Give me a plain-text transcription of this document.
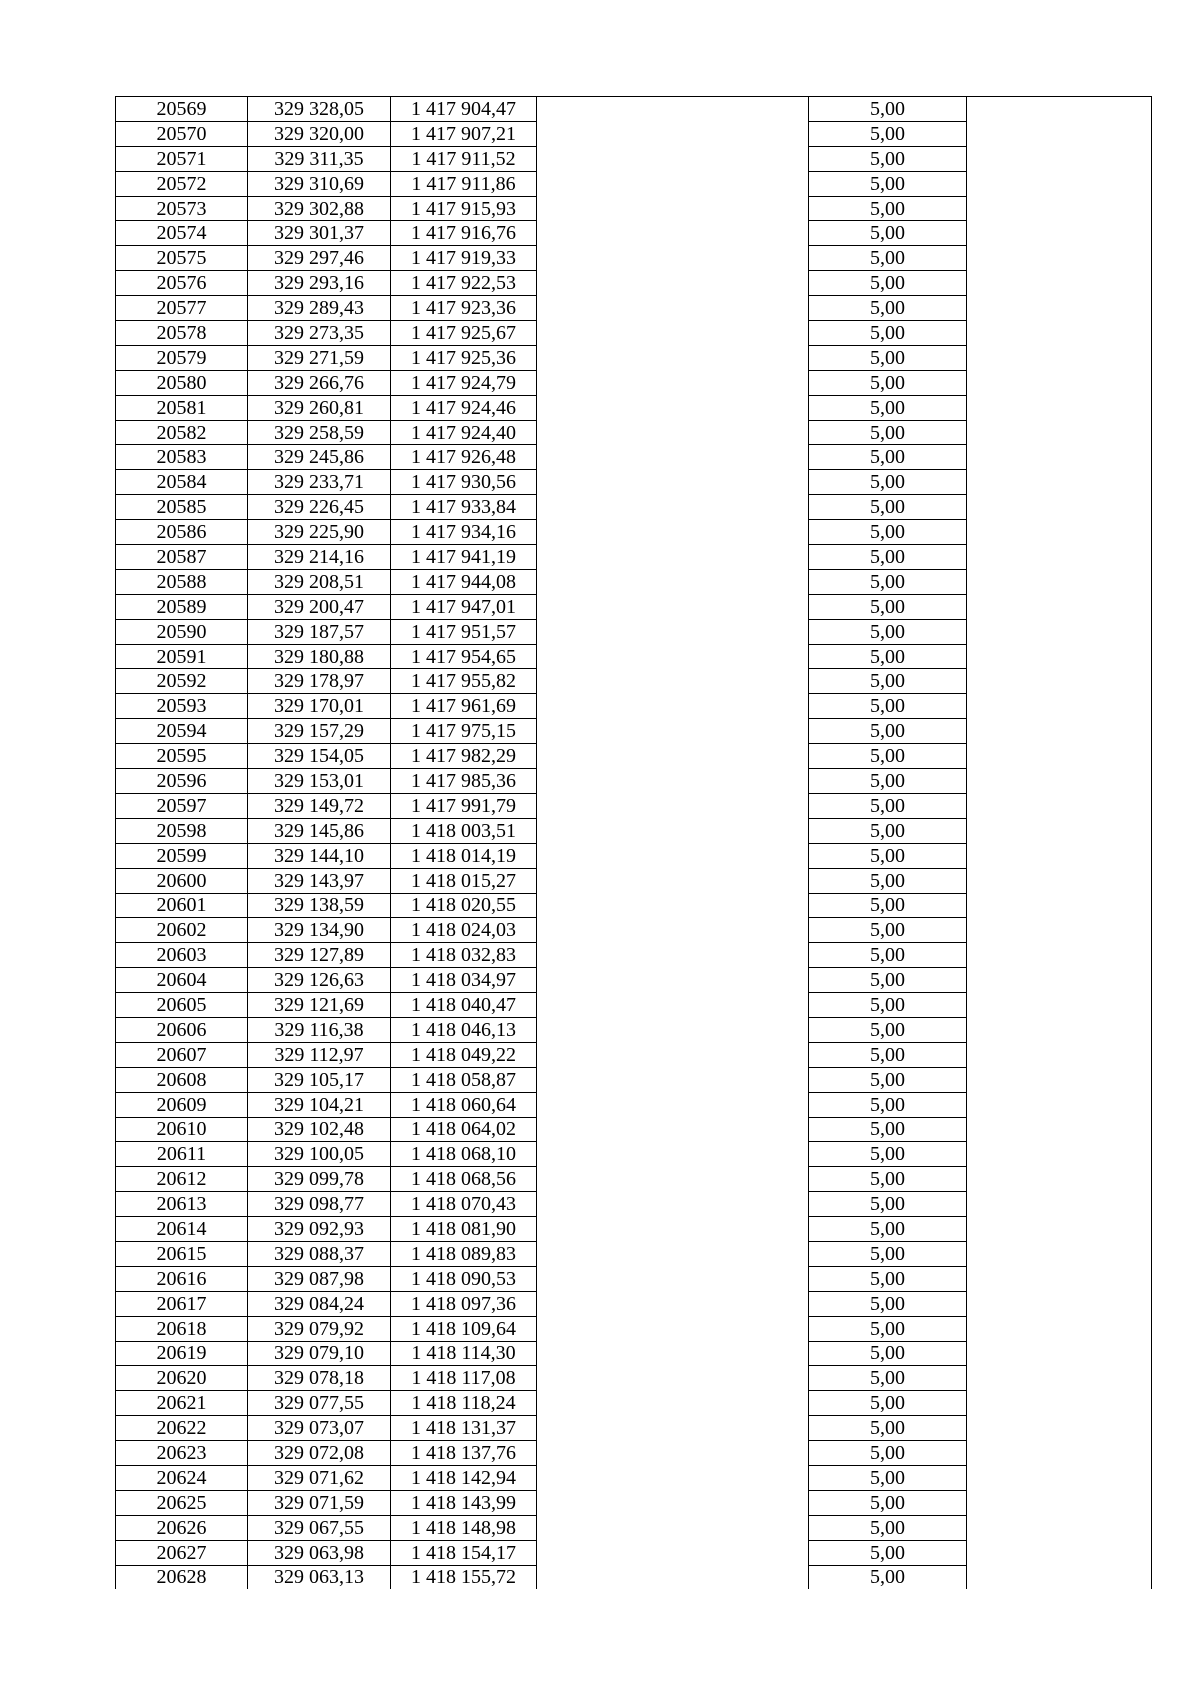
20569	329 328,05	1 417 904,47		5,00	
20570	329 320,00	1 417 907,21		5,00	
20571	329 311,35	1 417 911,52		5,00	
20572	329 310,69	1 417 911,86		5,00	
20573	329 302,88	1 417 915,93		5,00	
20574	329 301,37	1 417 916,76		5,00	
20575	329 297,46	1 417 919,33		5,00	
20576	329 293,16	1 417 922,53		5,00	
20577	329 289,43	1 417 923,36		5,00	
20578	329 273,35	1 417 925,67		5,00	
20579	329 271,59	1 417 925,36		5,00	
20580	329 266,76	1 417 924,79		5,00	
20581	329 260,81	1 417 924,46		5,00	
20582	329 258,59	1 417 924,40		5,00	
20583	329 245,86	1 417 926,48		5,00	
20584	329 233,71	1 417 930,56		5,00	
20585	329 226,45	1 417 933,84		5,00	
20586	329 225,90	1 417 934,16		5,00	
20587	329 214,16	1 417 941,19		5,00	
20588	329 208,51	1 417 944,08		5,00	
20589	329 200,47	1 417 947,01		5,00	
20590	329 187,57	1 417 951,57		5,00	
20591	329 180,88	1 417 954,65		5,00	
20592	329 178,97	1 417 955,82		5,00	
20593	329 170,01	1 417 961,69		5,00	
20594	329 157,29	1 417 975,15		5,00	
20595	329 154,05	1 417 982,29		5,00	
20596	329 153,01	1 417 985,36		5,00	
20597	329 149,72	1 417 991,79		5,00	
20598	329 145,86	1 418 003,51		5,00	
20599	329 144,10	1 418 014,19		5,00	
20600	329 143,97	1 418 015,27		5,00	
20601	329 138,59	1 418 020,55		5,00	
20602	329 134,90	1 418 024,03		5,00	
20603	329 127,89	1 418 032,83		5,00	
20604	329 126,63	1 418 034,97		5,00	
20605	329 121,69	1 418 040,47		5,00	
20606	329 116,38	1 418 046,13		5,00	
20607	329 112,97	1 418 049,22		5,00	
20608	329 105,17	1 418 058,87		5,00	
20609	329 104,21	1 418 060,64		5,00	
20610	329 102,48	1 418 064,02		5,00	
20611	329 100,05	1 418 068,10		5,00	
20612	329 099,78	1 418 068,56		5,00	
20613	329 098,77	1 418 070,43		5,00	
20614	329 092,93	1 418 081,90		5,00	
20615	329 088,37	1 418 089,83		5,00	
20616	329 087,98	1 418 090,53		5,00	
20617	329 084,24	1 418 097,36		5,00	
20618	329 079,92	1 418 109,64		5,00	
20619	329 079,10	1 418 114,30		5,00	
20620	329 078,18	1 418 117,08		5,00	
20621	329 077,55	1 418 118,24		5,00	
20622	329 073,07	1 418 131,37		5,00	
20623	329 072,08	1 418 137,76		5,00	
20624	329 071,62	1 418 142,94		5,00	
20625	329 071,59	1 418 143,99		5,00	
20626	329 067,55	1 418 148,98		5,00	
20627	329 063,98	1 418 154,17		5,00	
20628	329 063,13	1 418 155,72		5,00	
